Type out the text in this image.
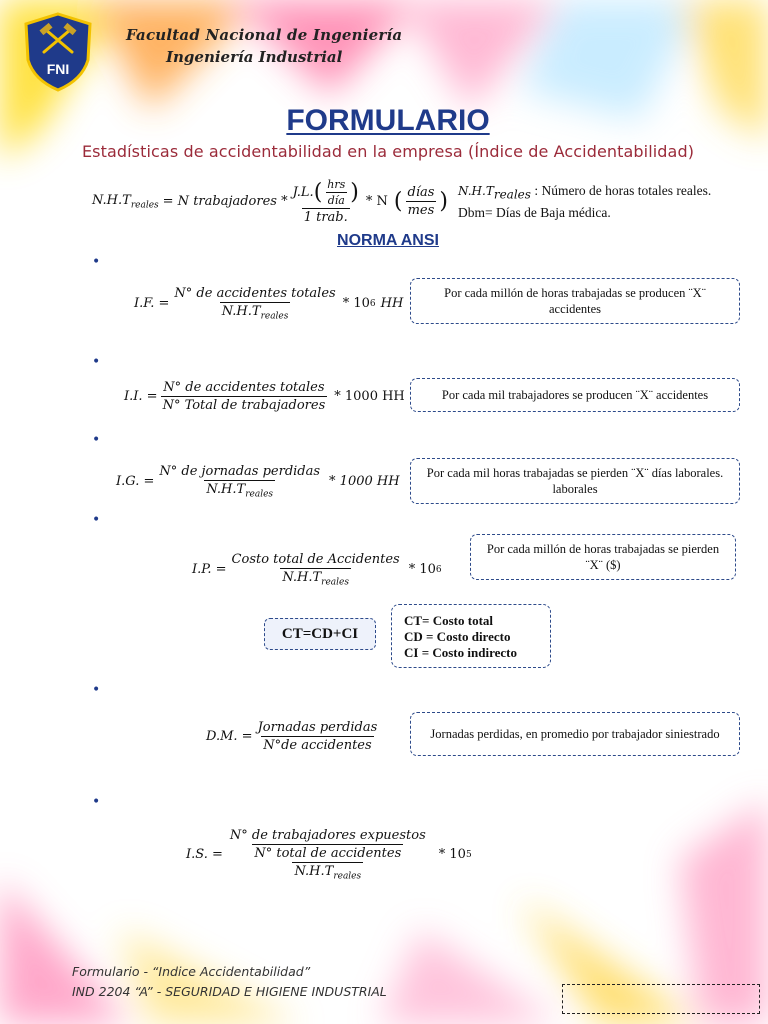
FNI
Facultad Nacional de Ingeniería
Ingeniería Industrial
FORMULARIO
Estadísticas de accidentabilidad en la empresa (Índice de Accidentabilidad)
$N.H.T_{reales} = N$ trabajadores * $\frac{J.L. ( \frac{\text{hrs}}{\text{día}} )}{\text{1 trab.}}$ * N ( $\frac{\text{días}}{\text{mes}}$ ) N.H.Treales : Número de horas totales reales.
Dbm= Días de Baja médica.
NORMA ANSI
•
•
•
•
•
•
I.F. = $\frac{\text{N° de accidentes totales}}{N.H.T_{reales}} * 10$ 6 HH
Por cada millón de horas trabajadas se producen ¨X¨ accidentes
I.I. = $\frac{\text{N° de accidentes totales}}{\text{N° Total de trabajadores}} * 1000$ HH	Por cada mil trabajadores se producen ¨X¨ accidentes
I.G. = $\frac{\text{N° de jornadas perdidas}}{N.H.T_{reales}} * 1000$ HH
Por cada mil horas trabajadas se pierden ¨X¨ días laborales. laborales
I.P. = $\frac{\text{Costo total de Accidentes}}{N.H.T_{reales}} * 10$ 6
Por cada millón de horas trabajadas se pierden ¨X¨ ($)
CT=CD+CI
CT= Costo total
CD = Costo directo
CI = Costo indirecto
D.M. = $\frac{\text{Jornadas perdidas}}{\text{N°de accidentes}}$	Jornadas perdidas, en promedio por trabajador siniestrado
I.S. = $\frac{\frac{\text{N° de trabajadores expuestos}}{\text{N° total de accidentes}}}{N.H.T_{reales}} * 10$ 5
Formulario - “Indice Accidentabilidad”
IND 2204 “A” - SEGURIDAD E HIGIENE INDUSTRIAL
